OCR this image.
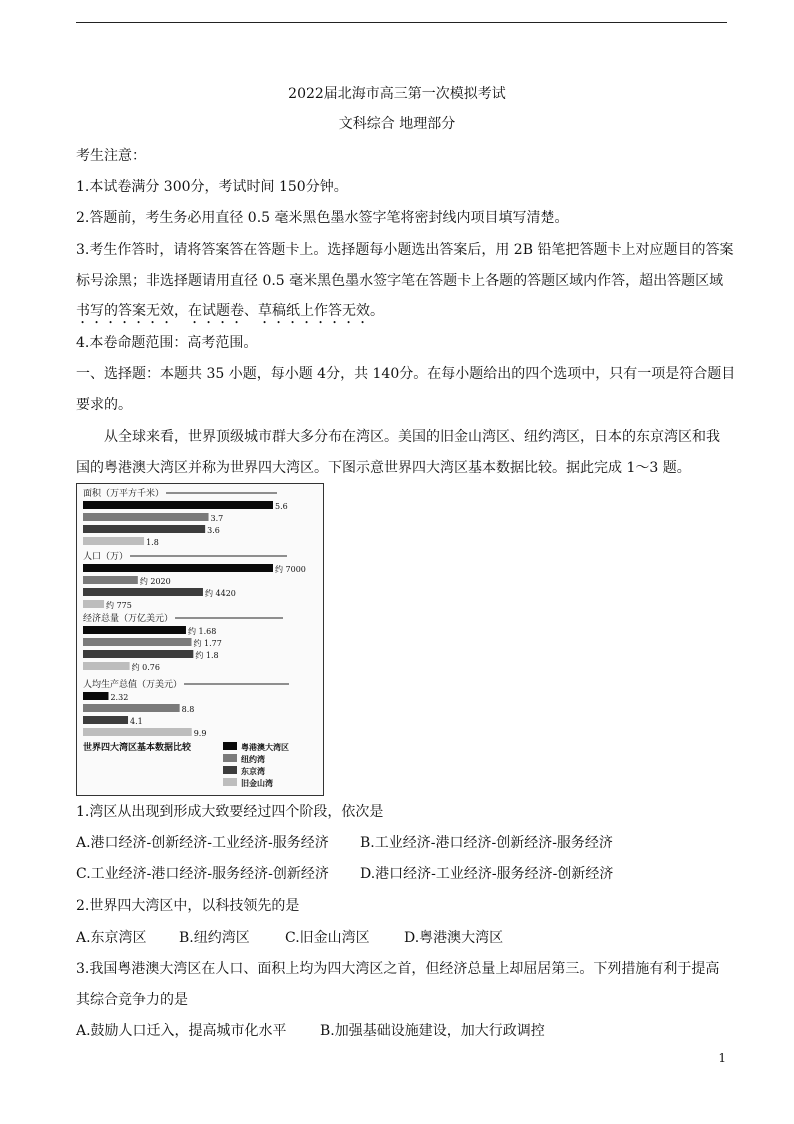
2022届北海市高三第一次模拟考试
文科综合 地理部分
考生注意：
1.本试卷满分 300分，考试时间 150分钟。
2.答题前，考生务必用直径 0.5 毫米黑色墨水签字笔将密封线内项目填写清楚。
3.考生作答时，请将答案答在答题卡上。选择题每小题选出答案后，用 2B 铅笔把答题卡上对应题目的答案
标号涂黑；非选择题请用直径 0.5 毫米黑色墨水签字笔在答题卡上各题的答题区域内作答，超出答题区域
书写的答案无效，在试题卷、草稿纸上作答无效。
4.本卷命题范围：高考范围。
一、选择题：本题共 35 小题，每小题 4分，共 140分。在每小题给出的四个选项中，只有一项是符合题目
要求的。
从全球来看，世界顶级城市群大多分布在湾区。美国的旧金山湾区、纽约湾区，日本的东京湾区和我
国的粤港澳大湾区并称为世界四大湾区。下图示意世界四大湾区基本数据比较。据此完成 1～3 题。
面积（万平方千米）
5.6
3.7
3.6
1.8
人口（万）
约 7000
约 2020
约 4420
约 775
经济总量（万亿美元）
约 1.68
约 1.77
约 1.8
约 0.76
人均生产总值（万美元）
2.32
8.8
4.1
9.9
世界四大湾区基本数据比较	粤港澳大湾区
纽约湾
东京湾
旧金山湾
1.湾区从出现到形成大致要经过四个阶段，依次是
A.港口经济-创新经济-工业经济-服务经济 B.工业经济-港口经济-创新经济-服务经济
C.工业经济-港口经济-服务经济-创新经济 D.港口经济-工业经济-服务经济-创新经济
2.世界四大湾区中，以科技领先的是
A.东京湾区 B.纽约湾区	C.旧金山湾区 D.粤港澳大湾区
3.我国粤港澳大湾区在人口、面积上均为四大湾区之首，但经济总量上却屈居第三。下列措施有利于提高
其综合竞争力的是
A.鼓励人口迁入，提高城市化水平 B.加强基础设施建设，加大行政调控
1
